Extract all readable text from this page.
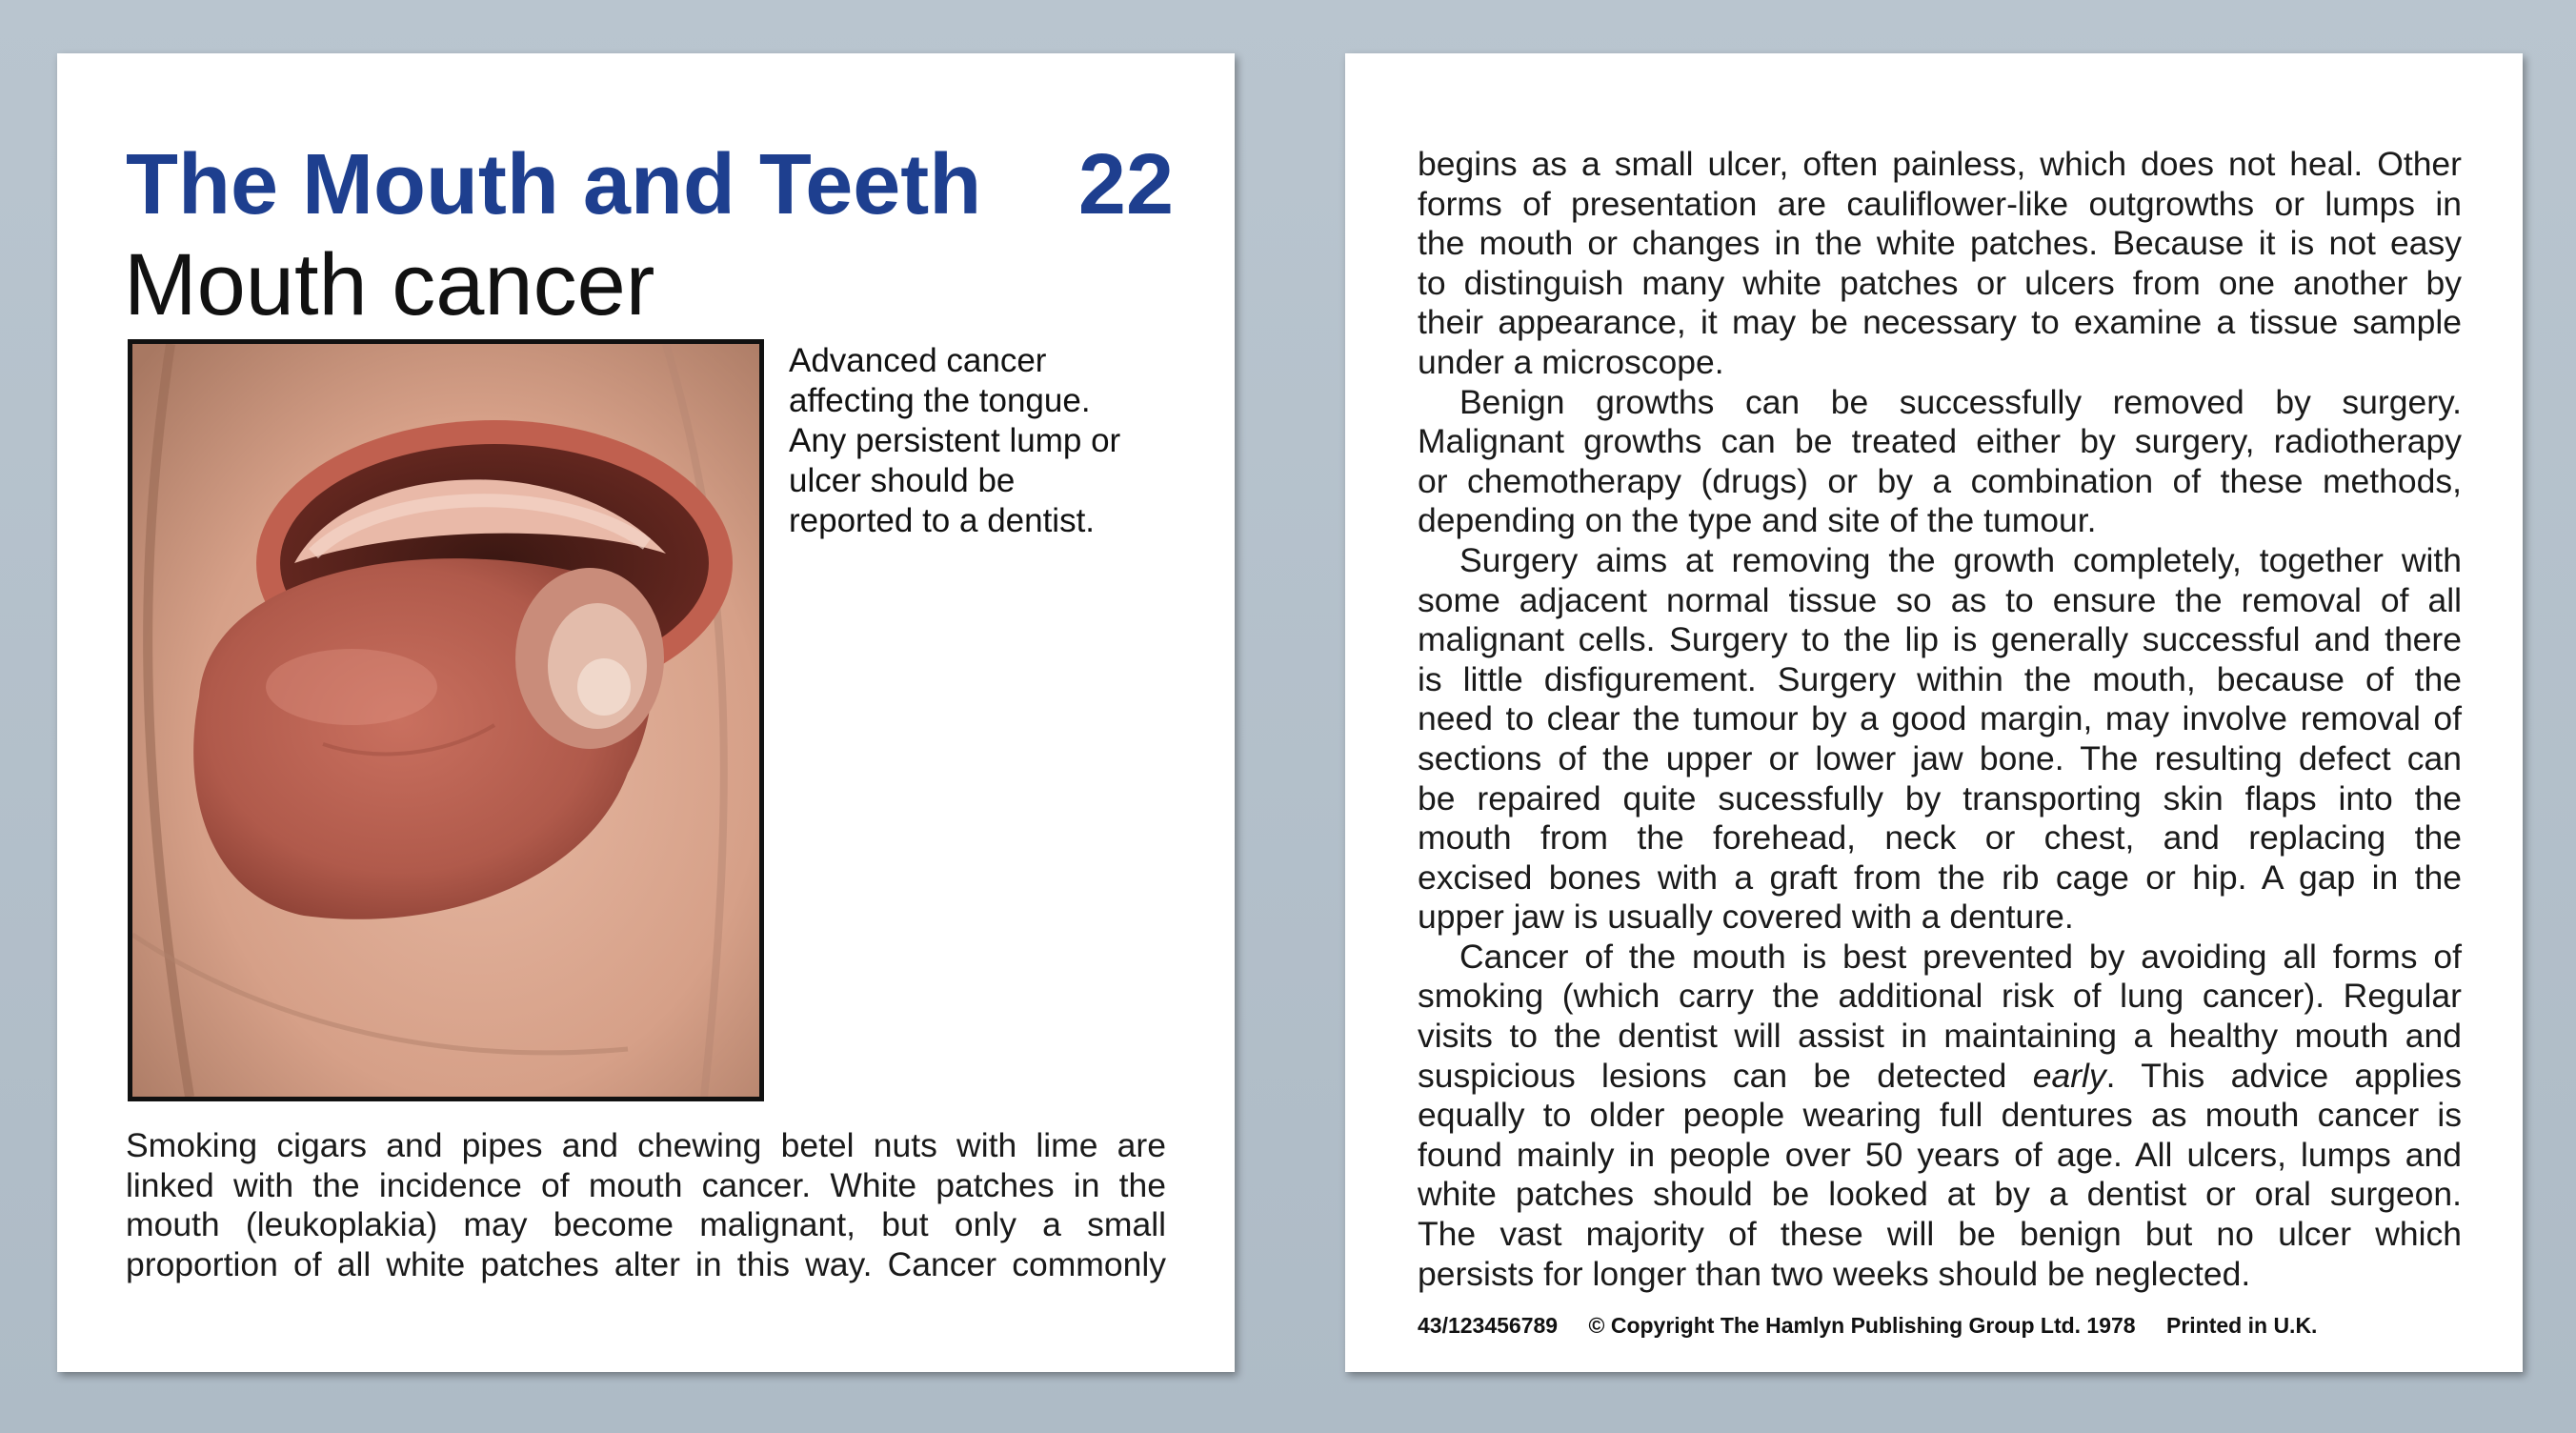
The Mouth and Teeth 22
Mouth cancer
Advanced cancer
affecting the tongue.
Any persistent lump or
ulcer should be
reported to a dentist.
Smoking cigars and pipes and chewing betel nuts with lime are
linked with the incidence of mouth cancer. White patches in the
mouth (leukoplakia) may become malignant, but only a small
proportion of all white patches alter in this way. Cancer commonly
begins as a small ulcer, often painless, which does not heal. Other
forms of presentation are cauliflower-like outgrowths or lumps in
the mouth or changes in the white patches. Because it is not easy
to distinguish many white patches or ulcers from one another by
their appearance, it may be necessary to examine a tissue sample
under a microscope.
Benign growths can be successfully removed by surgery.
Malignant growths can be treated either by surgery, radiotherapy
or chemotherapy (drugs) or by a combination of these methods,
depending on the type and site of the tumour.
Surgery aims at removing the growth completely, together with
some adjacent normal tissue so as to ensure the removal of all
malignant cells. Surgery to the lip is generally successful and there
is little disfigurement. Surgery within the mouth, because of the
need to clear the tumour by a good margin, may involve removal of
sections of the upper or lower jaw bone. The resulting defect can
be repaired quite sucessfully by transporting skin flaps into the
mouth from the forehead, neck or chest, and replacing the
excised bones with a graft from the rib cage or hip. A gap in the
upper jaw is usually covered with a denture.
Cancer of the mouth is best prevented by avoiding all forms of
smoking (which carry the additional risk of lung cancer). Regular
visits to the dentist will assist in maintaining a healthy mouth and
suspicious lesions can be detected early. This advice applies
equally to older people wearing full dentures as mouth cancer is
found mainly in people over 50 years of age. All ulcers, lumps and
white patches should be looked at by a dentist or oral surgeon.
The vast majority of these will be benign but no ulcer which
persists for longer than two weeks should be neglected.
43/123456789 © Copyright The Hamlyn Publishing Group Ltd. 1978 Printed in U.K.
